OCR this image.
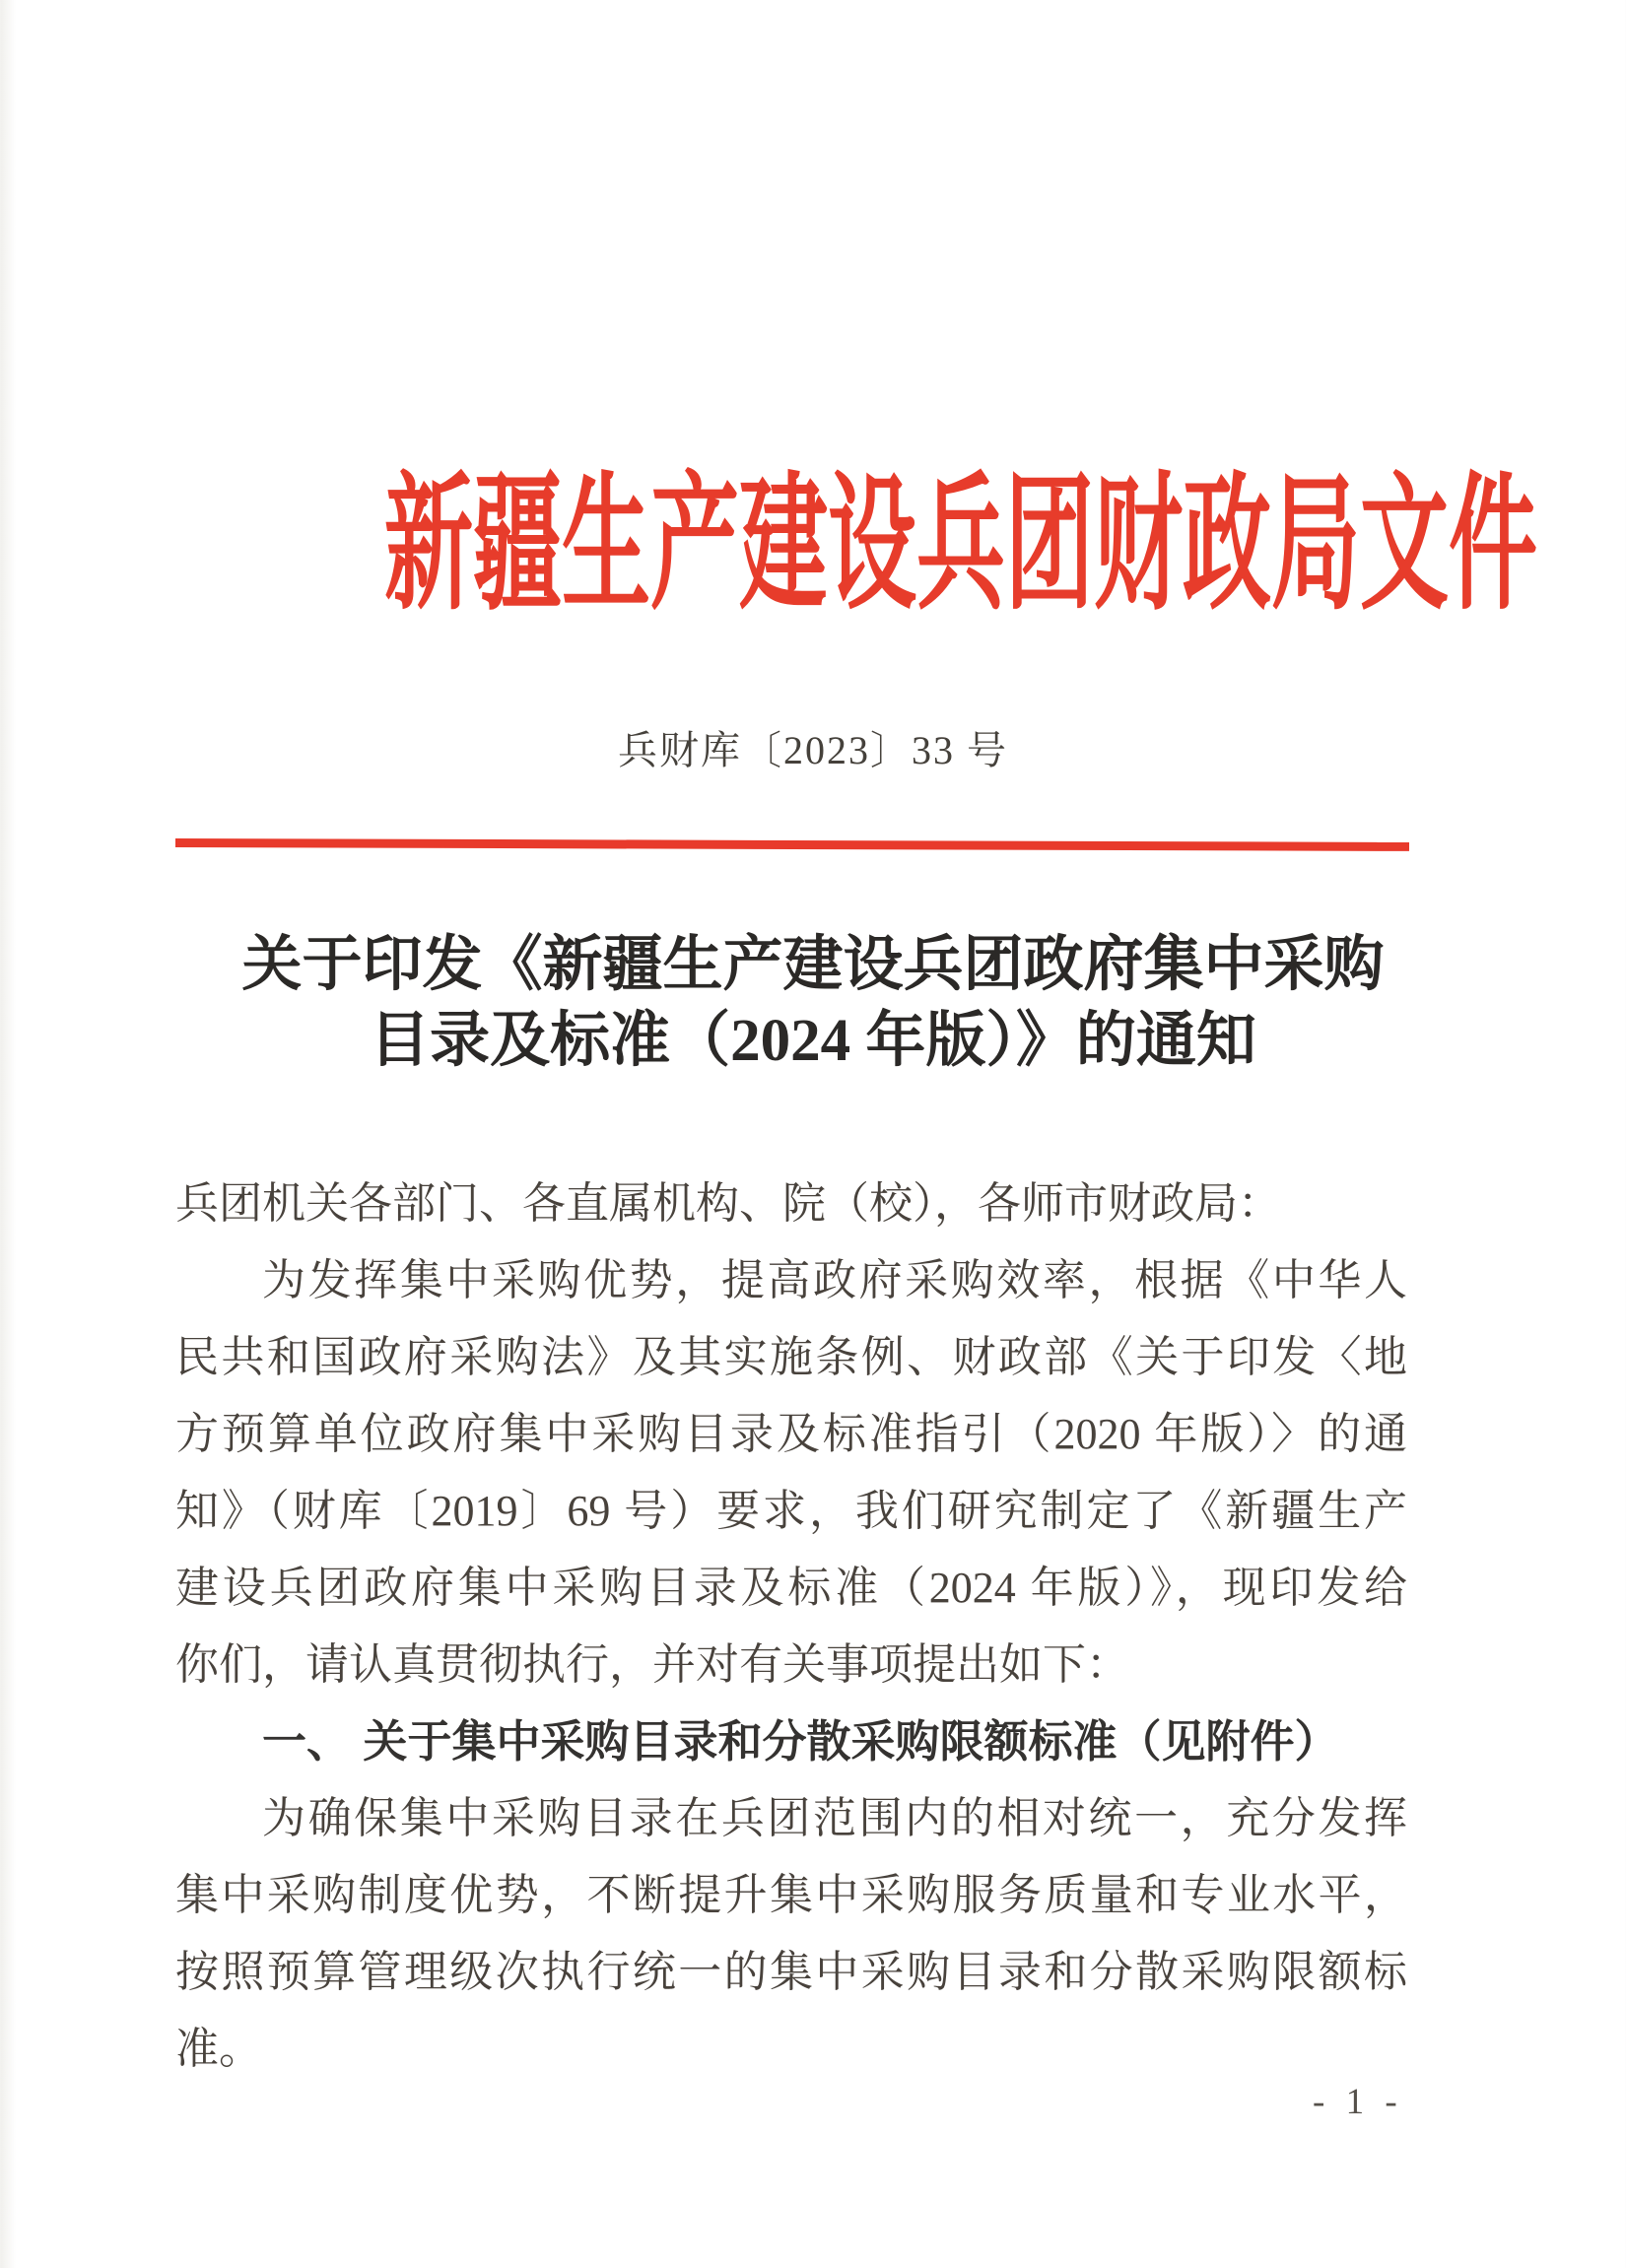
新疆生产建设兵团财政局文件
兵财库〔2023〕33 号
关于印发《新疆生产建设兵团政府集中采购
目录及标准（2024 年版）》的通知
兵团机关各部门、各直属机构、院（校），各师市财政局：
为发挥集中采购优势，提高政府采购效率，根据《中华人
民共和国政府采购法》及其实施条例、财政部《关于印发〈地
方预算单位政府集中采购目录及标准指引（2020 年版）〉的通
知》（财库〔2019〕69 号）要求，我们研究制定了《新疆生产
建设兵团政府集中采购目录及标准（2024 年版）》，现印发给
你们，请认真贯彻执行，并对有关事项提出如下：
一、 关于集中采购目录和分散采购限额标准（见附件）
为确保集中采购目录在兵团范围内的相对统一，充分发挥
集中采购制度优势，不断提升集中采购服务质量和专业水平，
按照预算管理级次执行统一的集中采购目录和分散采购限额标
准。
- 1 -
